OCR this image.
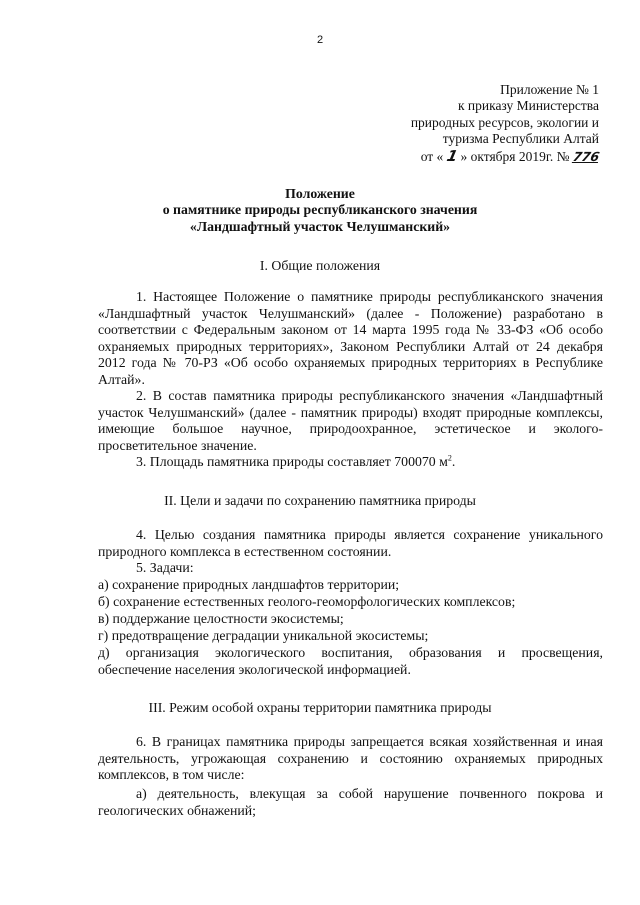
2
Приложение № 1
к приказу Министерства
природных ресурсов, экологии и
туризма Республики Алтай
от « 1 » октября 2019г. № 776
Положение
о памятнике природы республиканского значения
«Ландшафтный участок Челушманский»
I. Общие положения
1. Настоящее Положение о памятнике природы республиканского значения «Ландшафтный участок Челушманский» (далее - Положение) разработано в соответствии с Федеральным законом от 14 марта 1995 года № 33-ФЗ «Об особо охраняемых природных территориях», Законом Республики Алтай от 24 декабря 2012 года № 70-РЗ «Об особо охраняемых природных территориях в Республике Алтай».
2. В состав памятника природы республиканского значения «Ландшафтный участок Челушманский» (далее - памятник природы) входят природные комплексы, имеющие большое научное, природоохранное, эстетическое и эколого-просветительное значение.
3. Площадь памятника природы составляет 700070 $м^2$.
II. Цели и задачи по сохранению памятника природы
4. Целью создания памятника природы является сохранение уникального природного комплекса в естественном состоянии.
5. Задачи:
а) сохранение природных ландшафтов территории;
б) сохранение естественных геолого-геоморфологических комплексов;
в) поддержание целостности экосистемы;
г) предотвращение деградации уникальной экосистемы;
д) организация экологического воспитания, образования и просвещения, обеспечение населения экологической информацией.
III. Режим особой охраны территории памятника природы
6. В границах памятника природы запрещается всякая хозяйственная и иная деятельность, угрожающая сохранению и состоянию охраняемых природных комплексов, в том числе:
а) деятельность, влекущая за собой нарушение почвенного покрова и геологических обнажений;
